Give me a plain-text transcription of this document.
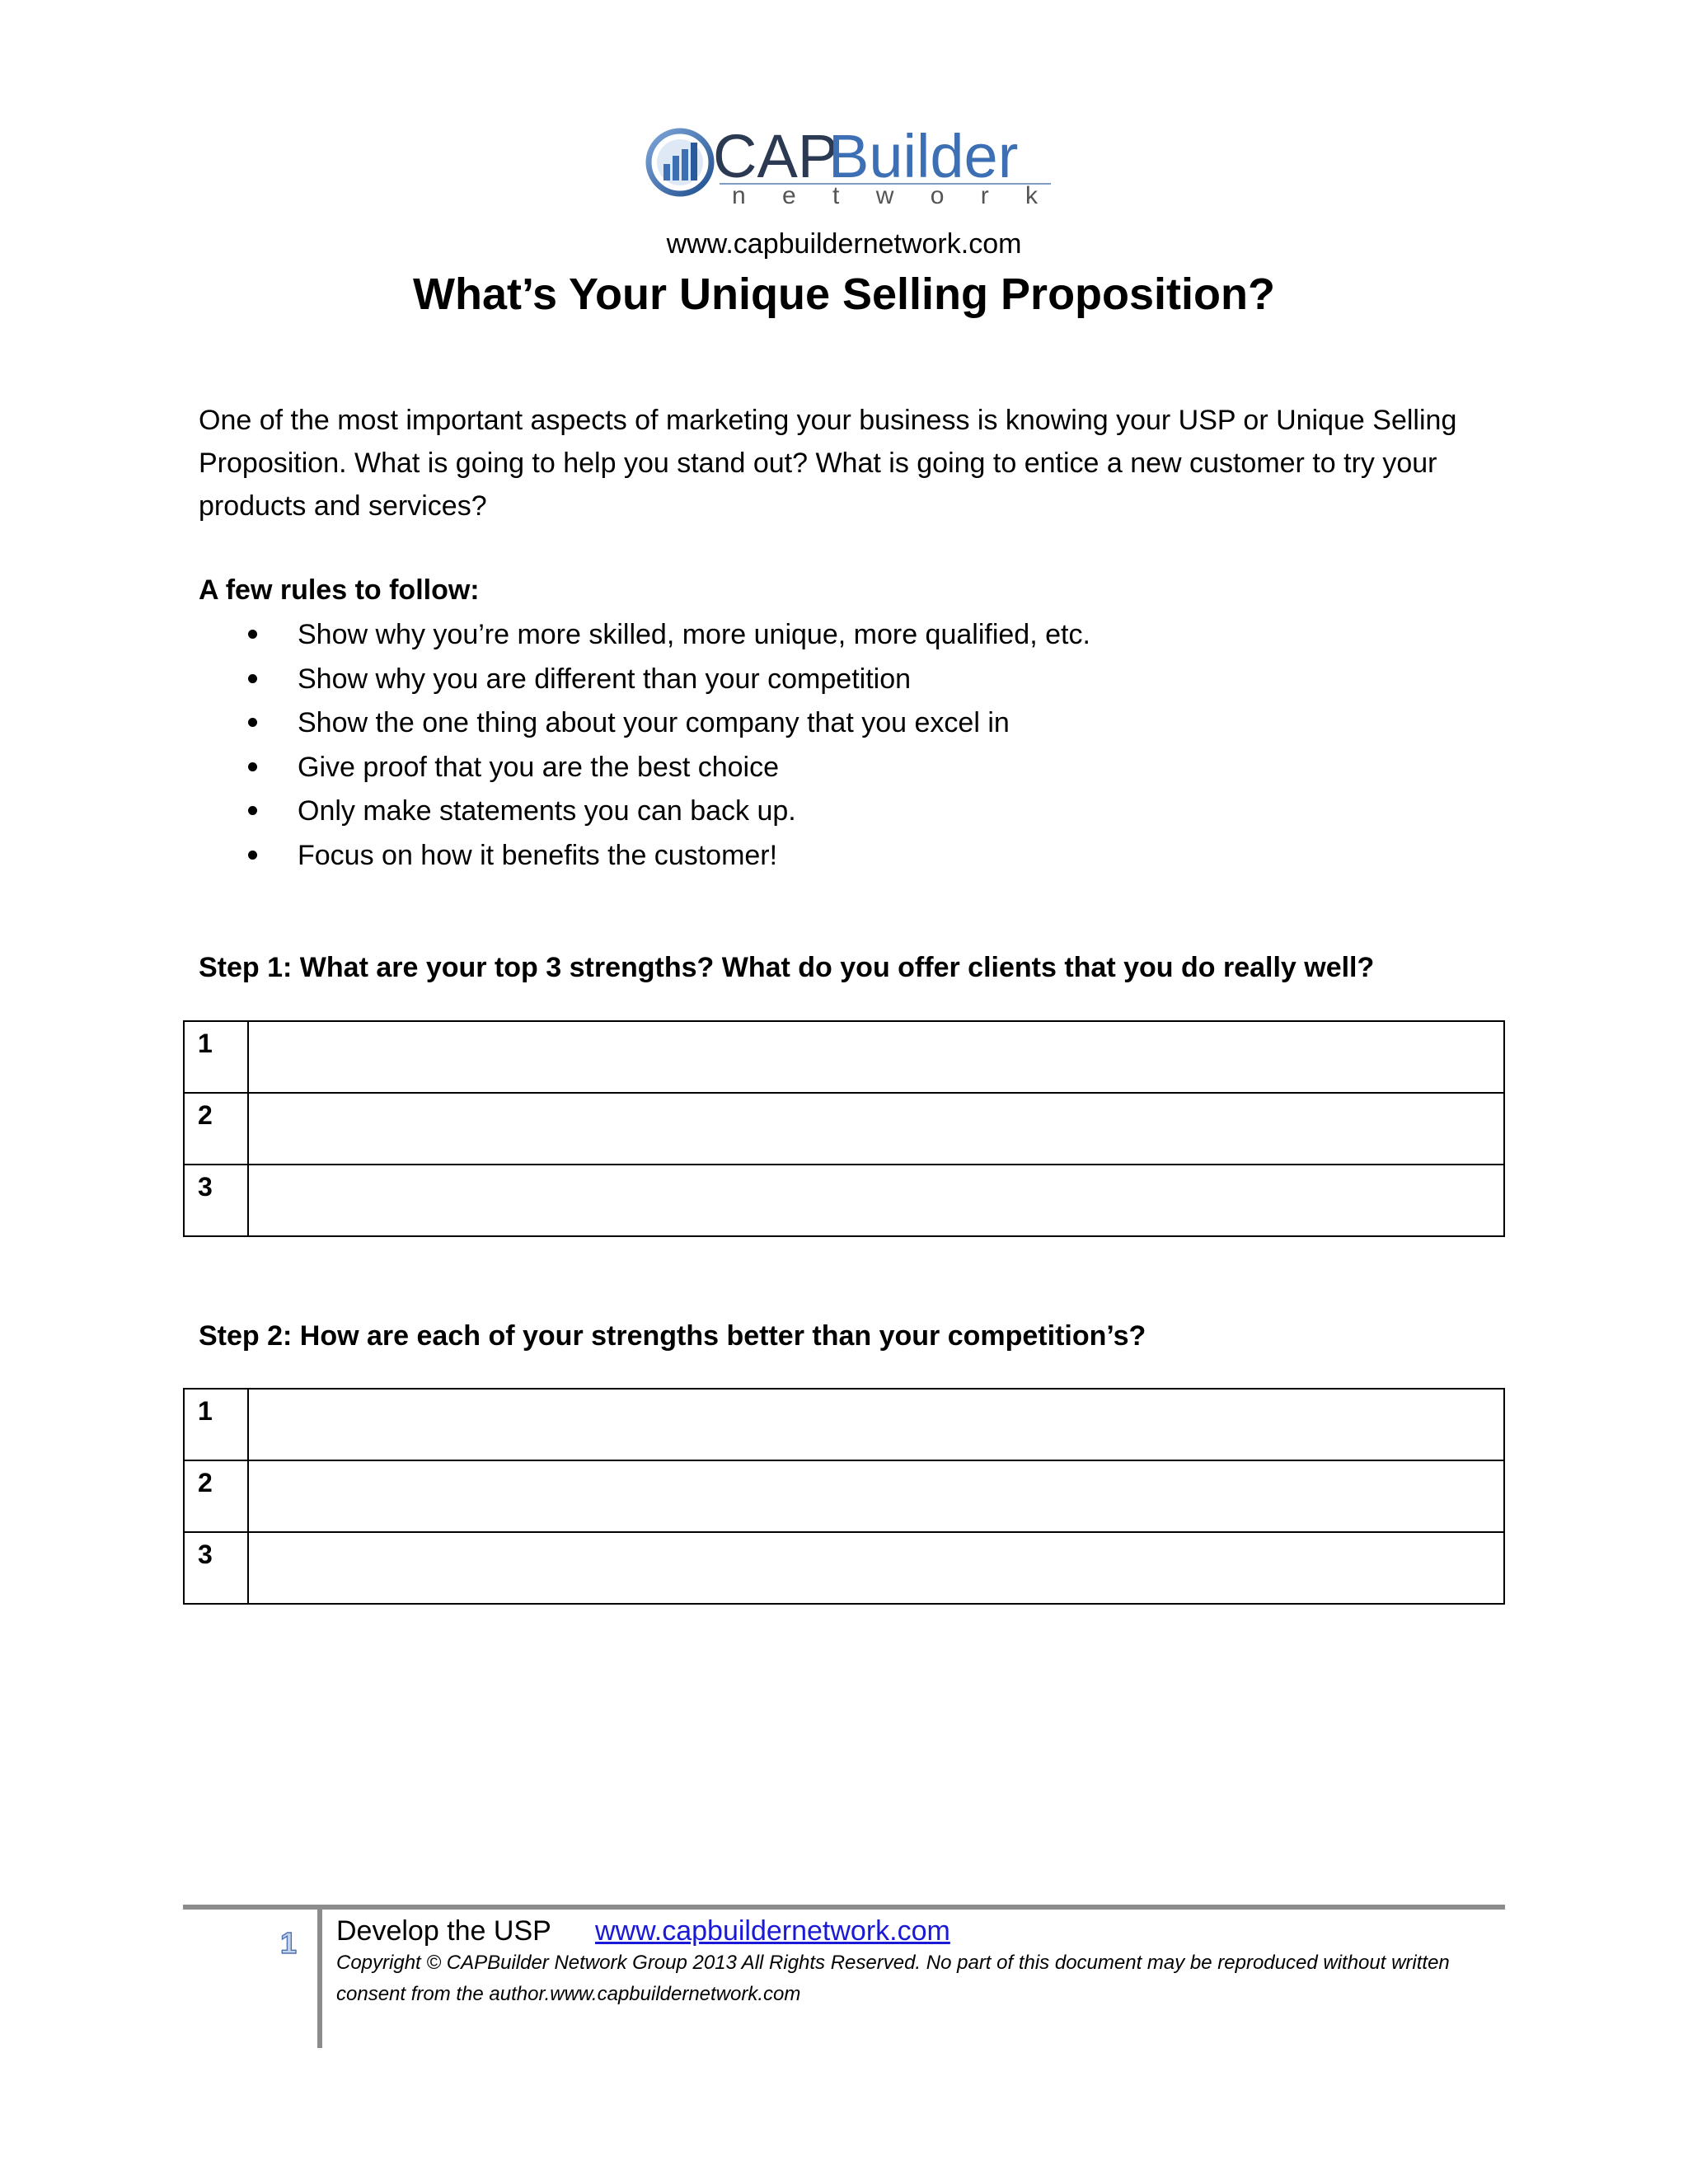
CAP
Builder
n e t w o r k
www.capbuildernetwork.com
What’s Your Unique Selling Proposition?

One of the most important aspects of marketing your business is knowing your USP or Unique Selling Proposition. What is going to help you stand out? What is going to entice a new customer to try your products and services?

A few rules to follow:

Show why you’re more skilled, more unique, more qualified, etc.
Show why you are different than your competition
Show the one thing about your company that you excel in
Give proof that you are the best choice
Only make statements you can back up.
Focus on how it benefits the customer!

Step 1: What are your top 3 strengths? What do you offer clients that you do really well?

1	
2	
3	

Step 2: How are each of your strengths better than your competition’s?

1	
2	
3	
1 Develop the USP www.capbuildernetwork.com
Copyright © CAPBuilder Network Group 2013 All Rights Reserved. No part of this document may be reproduced without written consent from the author.www.capbuildernetwork.com
